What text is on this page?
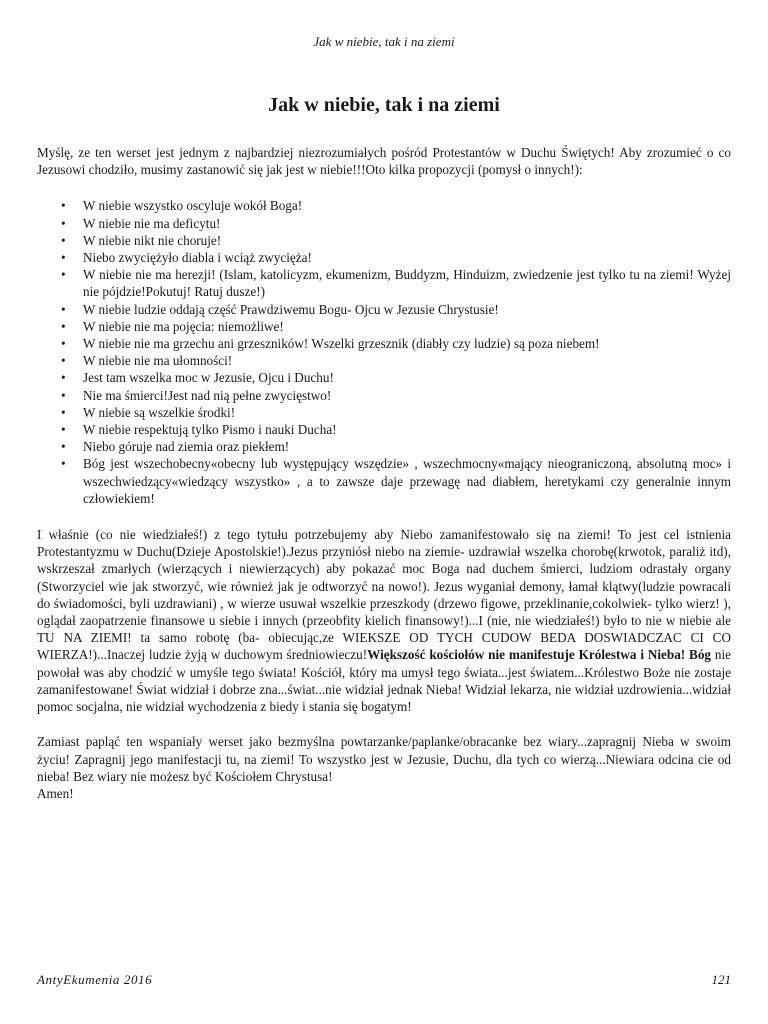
Jak w niebie, tak i na ziemi
Jak w niebie, tak i na ziemi

Myślę, ze ten werset jest jednym z najbardziej niezrozumiałych pośród Protestantów w Duchu Świętych! Aby zrozumieć o co Jezusowi chodziło, musimy zastanowić się jak jest w niebie!!!Oto kilka propozycji (pomysł o innych!):

• W niebie wszystko oscyluje wokół Boga!
• W niebie nie ma deficytu!
• W niebie nikt nie choruje!
• Niebo zwyciężyło diabla i wciąż zwycięża!
• W niebie nie ma herezji! (Islam, katolicyzm, ekumenizm, Buddyzm, Hinduizm, zwiedzenie jest tylko tu na ziemi! Wyżej nie pójdzie!Pokutuj! Ratuj dusze!)
• W niebie ludzie oddają część Prawdziwemu Bogu- Ojcu w Jezusie Chrystusie!
• W niebie nie ma pojęcia: niemożliwe!
• W niebie nie ma grzechu ani grzeszników! Wszelki grzesznik (diabły czy ludzie) są poza niebem!
• W niebie nie ma ułomności!
• Jest tam wszelka moc w Jezusie, Ojcu i Duchu!
• Nie ma śmierci!Jest nad nią pełne zwycięstwo!
• W niebie są wszelkie środki!
• W niebie respektują tylko Pismo i nauki Ducha!
• Niebo góruje nad ziemia oraz piekłem!
• Bóg jest wszechobecny«obecny lub występujący wszędzie» , wszechmocny«mający nieograniczoną, absolutną moc» i wszechwiedzący«wiedzący wszystko» , a to zawsze daje przewagę nad diabłem, heretykami czy generalnie innym człowiekiem!

I właśnie (co nie wiedziałeś!) z tego tytułu potrzebujemy aby Niebo zamanifestowało się na ziemi! To jest cel istnienia Protestantyzmu w Duchu(Dzieje Apostolskie!).Jezus przyniósł niebo na ziemie- uzdrawiał wszelka chorobę(krwotok, paraliż itd), wskrzeszał zmarłych (wierzących i niewierzących) aby pokazać moc Boga nad duchem śmierci, ludziom odrastały organy (Stworzyciel wie jak stworzyć, wie również jak je odtworzyć na nowo!). Jezus wyganiał demony, łamał klątwy(ludzie powracali do świadomości, byli uzdrawiani) , w wierze usuwał wszelkie przeszkody (drzewo figowe, przeklinanie,cokolwiek- tylko wierz! ), oglądał zaopatrzenie finansowe u siebie i innych (przeobfity kielich finansowy!)...I (nie, nie wiedziałeś!) było to nie w niebie ale TU NA ZIEMI! ta samo robotę (ba- obiecując,ze WIEKSZE OD TYCH CUDOW BEDA DOSWIADCZAC CI CO WIERZA!)...Inaczej ludzie żyją w duchowym średniowieczu!Większość kościołów nie manifestuje Królestwa i Nieba! Bóg nie powołał was aby chodzić w umyśle tego świata! Kościół, który ma umysł tego świata...jest światem...Królestwo Boże nie zostaje zamanifestowane! Świat widział i dobrze zna...świat...nie widział jednak Nieba! Widział lekarza, nie widział uzdrowienia...widział pomoc socjalna, nie widział wychodzenia z biedy i stania się bogatym!

Zamiast papląć ten wspaniały werset jako bezmyślna powtarzanke/paplanke/obracanke bez wiary...zapragnij Nieba w swoim życiu! Zapragnij jego manifestacji tu, na ziemi! To wszystko jest w Jezusie, Duchu, dla tych co wierzą...Niewiara odcina cie od nieba! Bez wiary nie możesz być Kościołem Chrystusa!

Amen!

AntyEkumenia 2016	121
